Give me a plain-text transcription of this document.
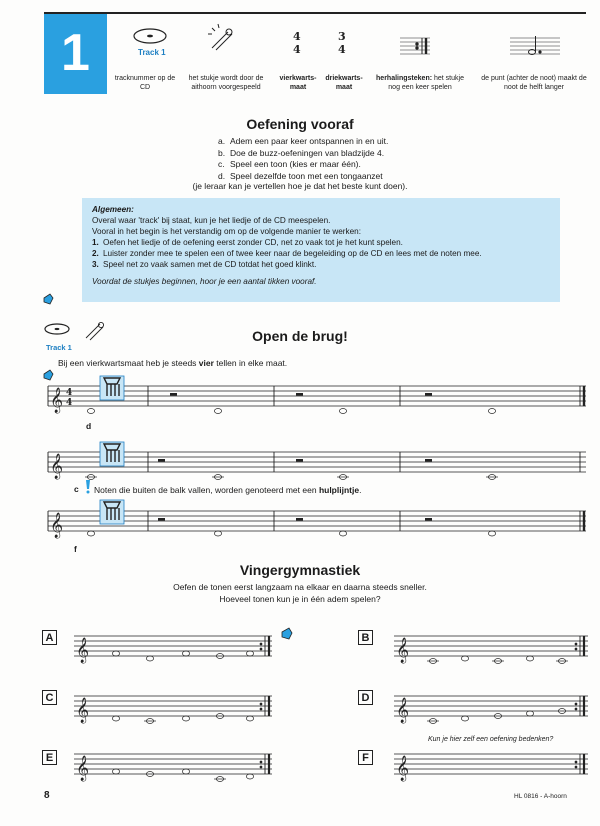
1	Track 1
4
4
3
4
tracknummer op de CD
het stukje wordt door de aithoorn voorgespeeld
vierkwarts-
maat
driekwarts-
maat
herhalingsteken: het stukje nog een keer spelen
de punt (achter de noot) maakt de noot de helft langer
Oefening vooraf
a. Adem een paar keer ontspannen in en uit.
b. Doe de buzz-oefeningen van bladzijde 4.
c. Speel een toon (kies er maar één).
d. Speel dezelfde toon met een tongaanzet
(je leraar kan je vertellen hoe je dat het beste kunt doen).
Algemeen:
Overal waar 'track' bij staat, kun je het liedje of de CD meespelen.
Vooral in het begin is het verstandig om op de volgende manier te werken:
1. Oefen het liedje of de oefening eerst zonder CD, net zo vaak tot je het kunt spelen.
2. Luister zonder mee te spelen een of twee keer naar de begeleiding op de CD en lees met de noten mee.
3. Speel net zo vaak samen met de CD totdat het goed klinkt.
Voordat de stukjes beginnen, hoor je een aantal tikken vooraf.
Track 1
Open de brug!
Bij een vierkwartsmaat heb je steeds vier tellen in elke maat.
𝄞 4
4
𝄞
𝄞
d
c
f
Noten die buiten de balk vallen, worden genoteerd met een hulplijntje.
Vingergymnastiek
Oefen de tonen eerst langzaam na elkaar en daarna steeds sneller.
Hoeveel tonen kun je in één adem spelen?
A	B
C	D
E	F
𝄞	𝄞
𝄞	𝄞
𝄞	𝄞
Kun je hier zelf een oefening bedenken?
8	HL 0816 - A-hoorn
